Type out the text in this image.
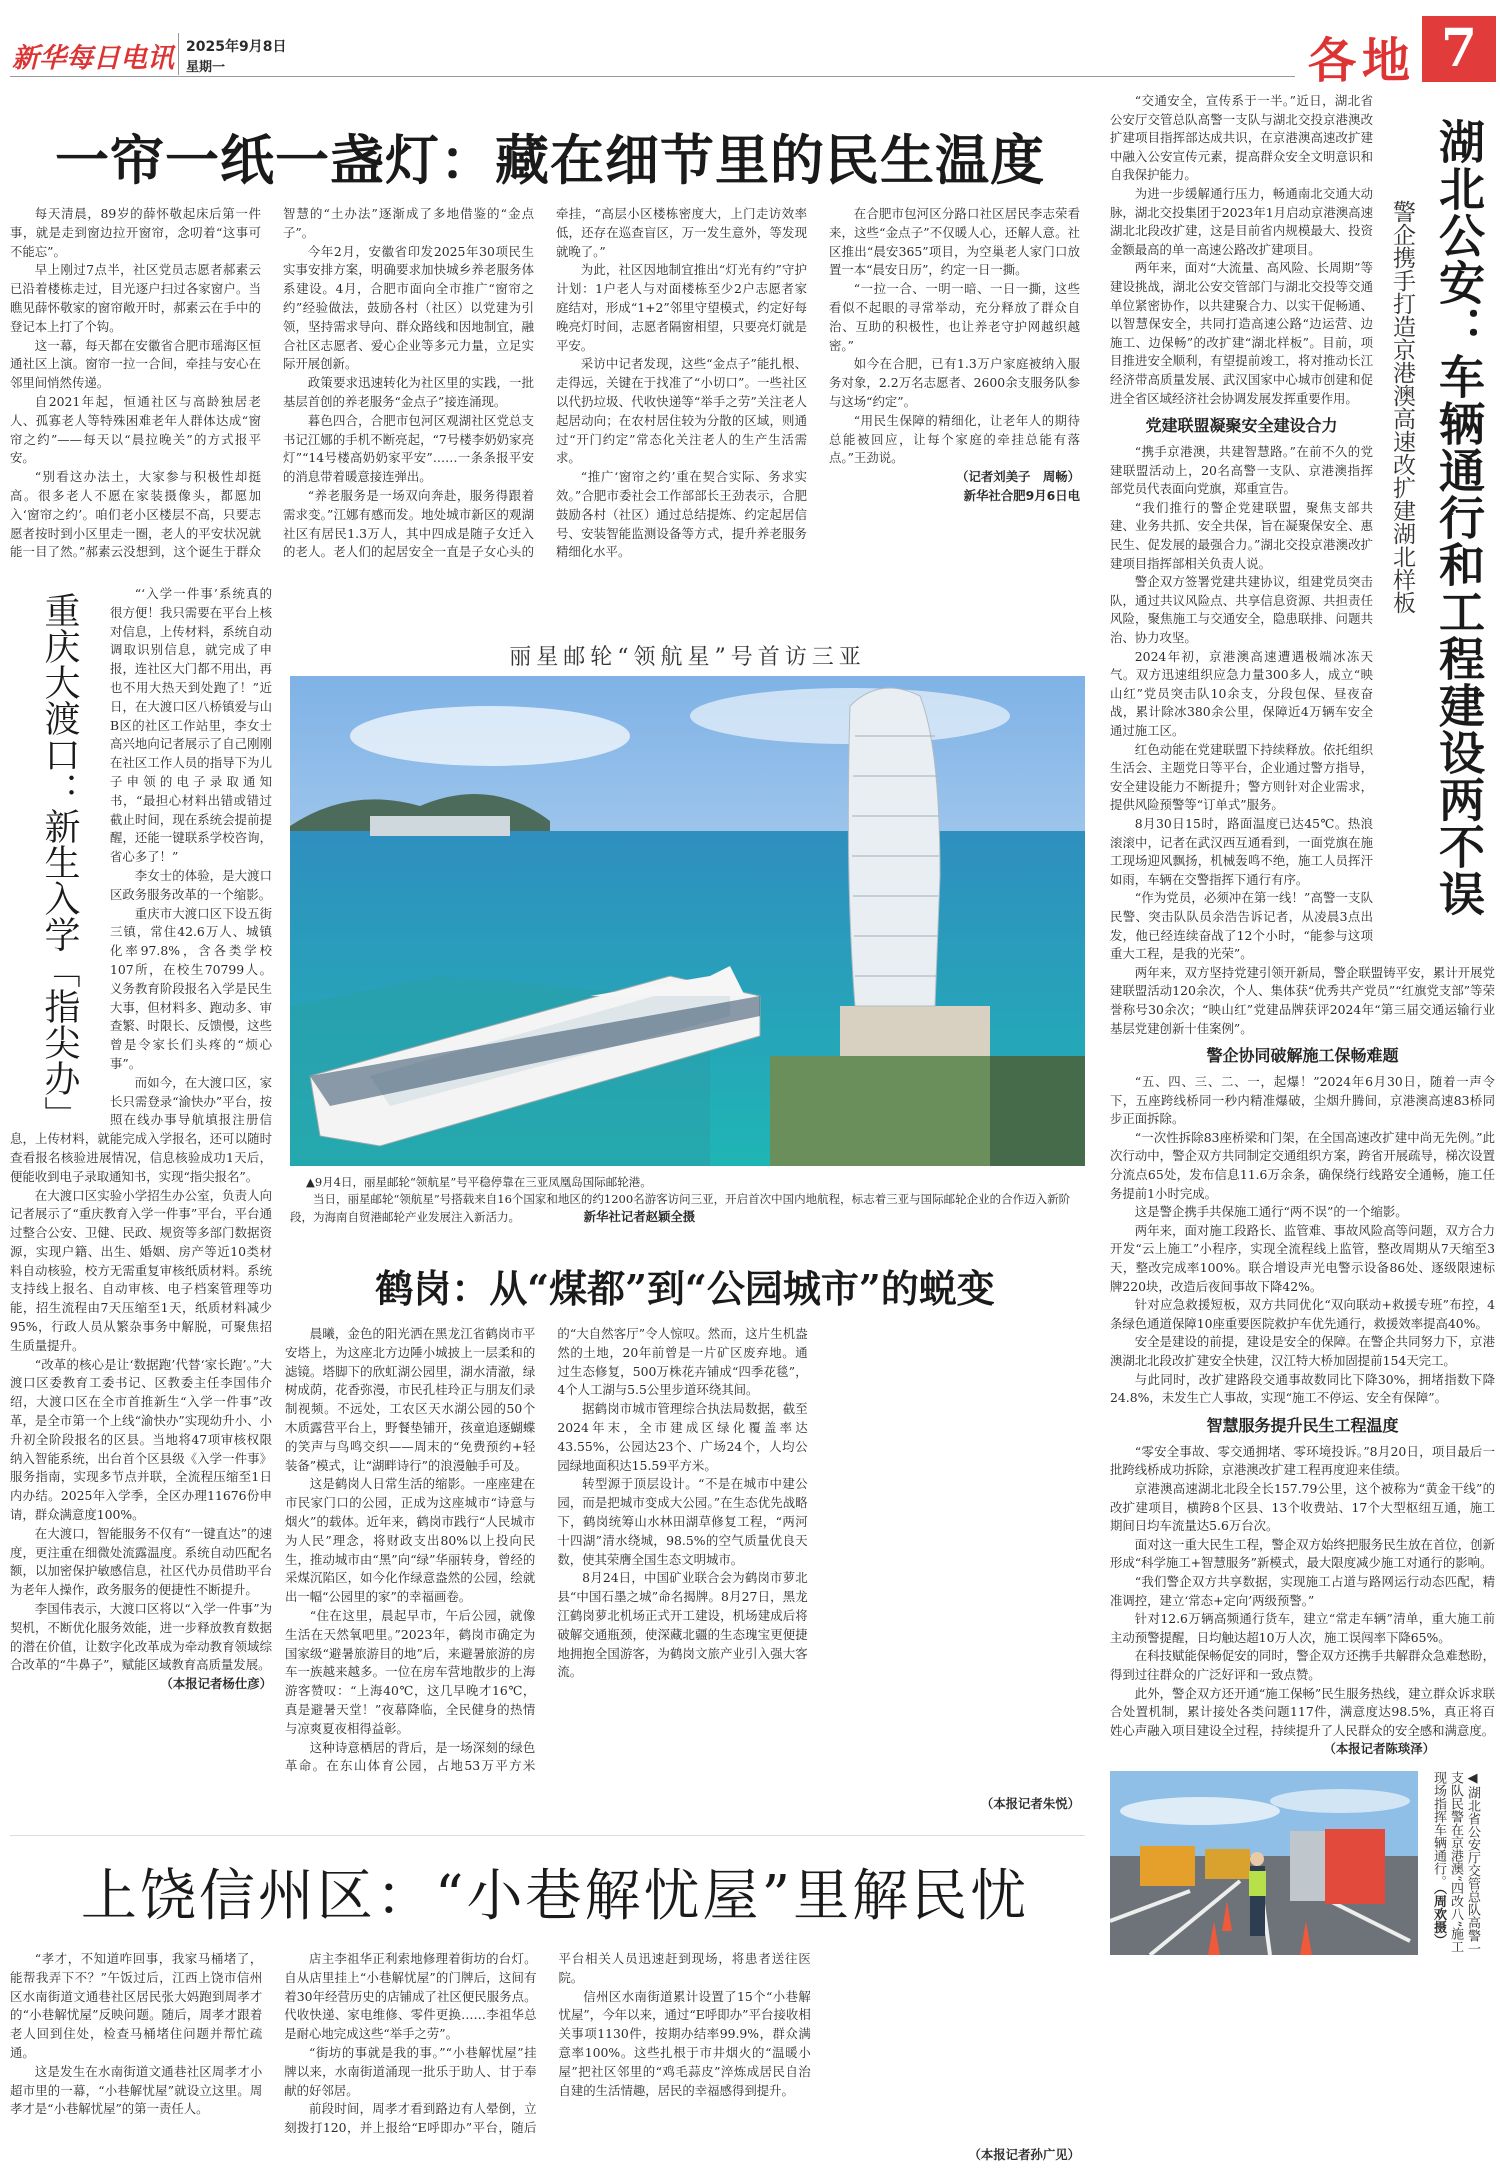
新华每日电讯 2025年9月8日
星期一	各地 7
一帘一纸一盏灯：藏在细节里的民生温度

每天清晨，89岁的薛怀敬起床后第一件事，就是走到窗边拉开窗帘，念叨着“这事可不能忘”。

早上刚过7点半，社区党员志愿者郝素云已沿着楼栋走过，目光逐户扫过各家窗户。当瞧见薛怀敬家的窗帘敞开时，郝素云在手中的登记本上打了个钩。

这一幕，每天都在安徽省合肥市瑶海区恒通社区上演。窗帘一拉一合间，牵挂与安心在邻里间悄然传递。

自2021年起，恒通社区与高龄独居老人、孤寡老人等特殊困难老年人群体达成“窗帘之约”——每天以“晨拉晚关”的方式报平安。

“别看这办法土，大家参与积极性却挺高。很多老人不愿在家装摄像头，都愿加入‘窗帘之约’。咱们老小区楼层不高，只要志愿者按时到小区里走一圈，老人的平安状况就能一目了然。”郝素云没想到，这个诞生于群众智慧的“土办法”逐渐成了多地借鉴的“金点子”。

今年2月，安徽省印发2025年30项民生实事安排方案，明确要求加快城乡养老服务体系建设。4月，合肥市面向全市推广“窗帘之约”经验做法，鼓励各村（社区）以党建为引领，坚持需求导向、群众路线和因地制宜，融合社区志愿者、爱心企业等多元力量，立足实际开展创新。

政策要求迅速转化为社区里的实践，一批基层首创的养老服务“金点子”接连涌现。

暮色四合，合肥市包河区观湖社区党总支书记江娜的手机不断亮起，“7号楼李奶奶家亮灯”“14号楼高奶奶家平安”……一条条报平安的消息带着暖意接连弹出。

“养老服务是一场双向奔赴，服务得跟着需求变。”江娜有感而发。地处城市新区的观湖社区有居民1.3万人，其中四成是随子女迁入的老人。老人们的起居安全一直是子女心头的牵挂，“高层小区楼栋密度大，上门走访效率低，还存在巡查盲区，万一发生意外，等发现就晚了。”

为此，社区因地制宜推出“灯光有约”守护计划：1户老人与对面楼栋至少2户志愿者家庭结对，形成“1+2”邻里守望模式，约定好每晚亮灯时间，志愿者隔窗相望，只要亮灯就是平安。

采访中记者发现，这些“金点子”能扎根、走得远，关键在于找准了“小切口”。一些社区以代扔垃圾、代收快递等“举手之劳”关注老人起居动向；在农村居住较为分散的区域，则通过“开门约定”常态化关注老人的生产生活需求。

“推广‘窗帘之约’重在契合实际、务求实效。”合肥市委社会工作部部长王劲表示，合肥鼓励各村（社区）通过总结提炼、约定起居信号、安装智能监测设备等方式，提升养老服务精细化水平。

在合肥市包河区分路口社区居民李志荣看来，这些“金点子”不仅暖人心，还解人意。社区推出“晨安365”项目，为空巢老人家门口放置一本“晨安日历”，约定一日一撕。

“一拉一合、一明一暗、一日一撕，这些看似不起眼的寻常举动，充分释放了群众自治、互助的积极性，也让养老守护网越织越密。”

如今在合肥，已有1.3万户家庭被纳入服务对象，2.2万名志愿者、2600余支服务队参与这场“约定”。

“用民生保障的精细化，让老年人的期待总能被回应，让每个家庭的牵挂总能有落点。”王劲说。

（记者刘美子　周畅）
新华社合肥9月6日电
重庆大渡口：新生入学「指尖办」	“‘入学一件事’系统真的很方便！我只需要在平台上核对信息，上传材料，系统自动调取识别信息，就完成了申报，连社区大门都不用出，再也不用大热天到处跑了！”近日，在大渡口区八桥镇爱与山B区的社区工作站里，李女士高兴地向记者展示了自己刚刚在社区工作人员的指导下为儿子申领的电子录取通知书，“最担心材料出错或错过截止时间，现在系统会提前提醒，还能一键联系学校咨询，省心多了！”

李女士的体验，是大渡口区政务服务改革的一个缩影。

重庆市大渡口区下设五街三镇，常住42.6万人、城镇化率97.8%，含各类学校107所，在校生70799人。义务教育阶段报名入学是民生大事，但材料多、跑动多、审查繁、时限长、反馈慢，这些曾是令家长们头疼的“烦心事”。

而如今，在大渡口区，家长只需登录“渝快办”平台，按照在线办事导航填报注册信息，上传材料，就能完成入学报名，还可以随时查看报名核验进展情况，信息核验成功1天后，便能收到电子录取通知书，实现“指尖报名”。

在大渡口区实验小学招生办公室，负责人向记者展示了“重庆教育入学一件事”平台，平台通过整合公安、卫健、民政、规资等多部门数据资源，实现户籍、出生、婚姻、房产等近10类材料自动核验，校方无需重复审核纸质材料。系统支持线上报名、自动审核、电子档案管理等功能，招生流程由7天压缩至1天，纸质材料减少95%，行政人员从繁杂事务中解脱，可聚焦招生质量提升。

“改革的核心是让‘数据跑’代替‘家长跑’。”大渡口区委教育工委书记、区教委主任李国伟介绍，大渡口区在全市首推新生“入学一件事”改革，是全市第一个上线“渝快办”实现幼升小、小升初全阶段报名的区县。当地将47项审核权限纳入智能系统，出台首个区县级《入学一件事》服务指南，实现多节点并联，全流程压缩至1日内办结。2025年入学季，全区办理11676份申请，群众满意度100%。

在大渡口，智能服务不仅有“一键直达”的速度，更注重在细微处流露温度。系统自动匹配名额，以加密保护敏感信息，社区代办员借助平台为老年人操作，政务服务的便捷性不断提升。

李国伟表示，大渡口区将以“入学一件事”为契机，不断优化服务效能，进一步释放教育数据的潜在价值，让数字化改革成为牵动教育领域综合改革的“牛鼻子”，赋能区域教育高质量发展。

（本报记者杨仕彦）
丽星邮轮“领航星”号首访三亚
▲9月4日，丽星邮轮“领航星”号平稳停靠在三亚凤凰岛国际邮轮港。
当日，丽星邮轮“领航星”号搭载来自16个国家和地区的约1200名游客访问三亚，开启首次中国内地航程，标志着三亚与国际邮轮企业的合作迈入新阶段，为海南自贸港邮轮产业发展注入新活力。	新华社记者赵颖全摄
鹤岗：从“煤都”到“公园城市”的蜕变

晨曦，金色的阳光洒在黑龙江省鹤岗市平安塔上，为这座北方边陲小城披上一层柔和的滤镜。塔脚下的欣虹湖公园里，湖水清澈，绿树成荫，花香弥漫，市民孔桂玲正与朋友们录制视频。不远处，工农区天水湖公园的50个木质露营平台上，野餐垫铺开，孩童追逐蝴蝶的笑声与鸟鸣交织——周末的“免费预约+轻装备”模式，让“湖畔诗行”的浪漫触手可及。

这是鹤岗人日常生活的缩影。一座座建在市民家门口的公园，正成为这座城市“诗意与烟火”的载体。近年来，鹤岗市践行“人民城市为人民”理念，将财政支出80%以上投向民生，推动城市由“黑”向“绿”华丽转身，曾经的采煤沉陷区，如今化作绿意盎然的公园，绘就出一幅“公园里的家”的幸福画卷。

“住在这里，晨起早市，午后公园，就像生活在天然氧吧里。”2023年，鹤岗市确定为国家级“避暑旅游目的地”后，来避暑旅游的房车一族越来越多。一位在房车营地散步的上海游客赞叹：“上海40℃，这几早晚才16℃，真是避暑天堂！”夜幕降临，全民健身的热情与凉爽夏夜相得益彰。

这种诗意栖居的背后，是一场深刻的绿色革命。在东山体育公园，占地53万平方米的“大自然客厅”令人惊叹。然而，这片生机盎然的土地，20年前曾是一片矿区废弃地。通过生态修复，500万株花卉铺成“四季花毯”，4个人工湖与5.5公里步道环绕其间。

据鹤岗市城市管理综合执法局数据，截至2024年末，全市建成区绿化覆盖率达43.55%，公园达23个、广场24个，人均公园绿地面积达15.59平方米。

转型源于顶层设计。“不是在城市中建公园，而是把城市变成大公园。”在生态优先战略下，鹤岗统筹山水林田湖草修复工程，“两河十四湖”清水绕城，98.5%的空气质量优良天数，使其荣膺全国生态文明城市。

8月24日，中国矿业联合会为鹤岗市萝北县“中国石墨之城”命名揭牌。8月27日，黑龙江鹤岗萝北机场正式开工建设，机场建成后将破解交通瓶颈，使深藏北疆的生态瑰宝更便捷地拥抱全国游客，为鹤岗文旅产业引入强大客流。

（本报记者朱悦）
上饶信州区：“小巷解忧屋”里解民忧

“孝才，不知道咋回事，我家马桶堵了，能帮我弄下不？”午饭过后，江西上饶市信州区水南街道文通巷社区居民张大妈跑到周孝才的“小巷解忧屋”反映问题。随后，周孝才跟着老人回到住处，检查马桶堵住问题并帮忙疏通。

这是发生在水南街道文通巷社区周孝才小超市里的一幕，“小巷解忧屋”就设立这里。周孝才是“小巷解忧屋”的第一责任人。

店主李祖华正利索地修理着街坊的台灯。自从店里挂上“小巷解忧屋”的门牌后，这间有着30年经营历史的店铺成了社区便民服务点。代收快递、家电维修、零件更换……李祖华总是耐心地完成这些“举手之劳”。

“街坊的事就是我的事。”“小巷解忧屋”挂牌以来，水南街道涌现一批乐于助人、甘于奉献的好邻居。

前段时间，周孝才看到路边有人晕倒，立刻拨打120，并上报给“E呼即办”平台，随后平台相关人员迅速赶到现场，将患者送往医院。

信州区水南街道累计设置了15个“小巷解忧屋”，今年以来，通过“E呼即办”平台接收相关事项1130件，按期办结率99.9%，群众满意率100%。这些扎根于市井烟火的“温暖小屋”把社区邻里的“鸡毛蒜皮”淬炼成居民自治自建的生活情趣，居民的幸福感得到提升。

（本报记者孙广见）
湖北公安：车辆通行和工程建设两不误
警企携手打造京港澳高速改扩建湖北样板

“交通安全，宣传系于一半。”近日，湖北省公安厅交管总队高警一支队与湖北交投京港澳改扩建项目指挥部达成共识，在京港澳高速改扩建中融入公安宣传元素，提高群众安全文明意识和自我保护能力。

为进一步缓解通行压力，畅通南北交通大动脉，湖北交投集团于2023年1月启动京港澳高速湖北北段改扩建，这是目前省内规模最大、投资金额最高的单一高速公路改扩建项目。

两年来，面对“大流量、高风险、长周期”等建设挑战，湖北公安交管部门与湖北交投等交通单位紧密协作，以共建聚合力、以实干促畅通、以智慧保安全，共同打造高速公路“边运营、边施工、边保畅”的改扩建“湖北样板”。目前，项目推进安全顺利，有望提前竣工，将对推动长江经济带高质量发展、武汉国家中心城市创建和促进全省区域经济社会协调发展发挥重要作用。

党建联盟凝聚安全建设合力

“携手京港澳，共建智慧路。”在前不久的党建联盟活动上，20名高警一支队、京港澳指挥部党员代表面向党旗，郑重宣告。

“我们推行的警企党建联盟，聚焦支部共建、业务共抓、安全共保，旨在凝聚保安全、惠民生、促发展的最强合力。”湖北交投京港澳改扩建项目指挥部相关负责人说。

警企双方签署党建共建协议，组建党员突击队，通过共议风险点、共享信息资源、共担责任风险，聚焦施工与交通安全，隐患联排、问题共治、协力攻坚。

2024年初，京港澳高速遭遇极端冰冻天气。双方迅速组织应急力量300多人，成立“映山红”党员突击队10余支，分段包保、昼夜奋战，累计除冰380余公里，保障近4万辆车安全通过施工区。

红色动能在党建联盟下持续释放。依托组织生活会、主题党日等平台，企业通过警方指导，安全建设能力不断提升；警方则针对企业需求，提供风险预警等“订单式”服务。

8月30日15时，路面温度已达45℃。热浪滚滚中，记者在武汉西互通看到，一面党旗在施工现场迎风飘扬，机械轰鸣不绝，施工人员挥汗如雨，车辆在交警指挥下通行有序。

“作为党员，必须冲在第一线！”高警一支队民警、突击队队员余浩告诉记者，从凌晨3点出发，他已经连续奋战了12个小时，“能参与这项重大工程，是我的光荣”。

两年来，双方坚持党建引领开新局，警企联盟铸平安，累计开展党建联盟活动120余次，个人、集体获“优秀共产党员”“红旗党支部”等荣誉称号30余次；“映山红”党建品牌获评2024年“第三届交通运输行业基层党建创新十佳案例”。

警企协同破解施工保畅难题

“五、四、三、二、一，起爆！”2024年6月30日，随着一声令下，五座跨线桥同一秒内精准爆破，尘烟升腾间，京港澳高速83桥同步正面拆除。

“一次性拆除83座桥梁和门架，在全国高速改扩建中尚无先例。”此次行动中，警企双方共同制定交通组织方案，跨省开展疏导，梯次设置分流点65处，发布信息11.6万余条，确保绕行线路安全通畅，施工任务提前1小时完成。

这是警企携手共保施工通行“两不误”的一个缩影。

两年来，面对施工段路长、监管难、事故风险高等问题，双方合力开发“云上施工”小程序，实现全流程线上监管，整改周期从7天缩至3天，整改完成率100%。联合增设声光电警示设备86处、逐级限速标牌220块，改造后夜间事故下降42%。

针对应急救援短板，双方共同优化“双向联动+救援专班”布控，4条绿色通道保障10座重要医院救护车优先通行，救援效率提高40%。

安全是建设的前提，建设是安全的保障。在警企共同努力下，京港澳湖北北段改扩建安全快建，汉江特大桥加固提前154天完工。

与此同时，改扩建路段交通事故数同比下降30%，拥堵指数下降24.8%，未发生亡人事故，实现“施工不停运、安全有保障”。

智慧服务提升民生工程温度

“零安全事故、零交通拥堵、零环境投诉。”8月20日，项目最后一批跨线桥成功拆除，京港澳改扩建工程再度迎来佳绩。

京港澳高速湖北北段全长157.79公里，这个被称为“黄金干线”的改扩建项目，横跨8个区县、13个收费站、17个大型枢纽互通，施工期间日均车流量达5.6万台次。

面对这一重大民生工程，警企双方始终把服务民生放在首位，创新形成“科学施工+智慧服务”新模式，最大限度减少施工对通行的影响。

“我们警企双方共享数据，实现施工占道与路网运行动态匹配，精准调控，建立‘常态+定向’两级预警。”

针对12.6万辆高频通行货车，建立“常走车辆”清单，重大施工前主动预警提醒，日均触达超10万人次，施工误闯率下降65%。

在科技赋能保畅促安的同时，警企双方还携手共解群众急难愁盼，得到过往群众的广泛好评和一致点赞。

此外，警企双方还开通“施工保畅”民生服务热线，建立群众诉求联合处置机制，累计接处各类问题117件，满意度达98.5%，真正将百姓心声融入项目建设全过程，持续提升了人民群众的安全感和满意度。

（本报记者陈琰泽）
◀湖北省公安厅交管总队高警一支队民警在京港澳“四改八”施工现场指挥车辆通行。（周欢摄）
